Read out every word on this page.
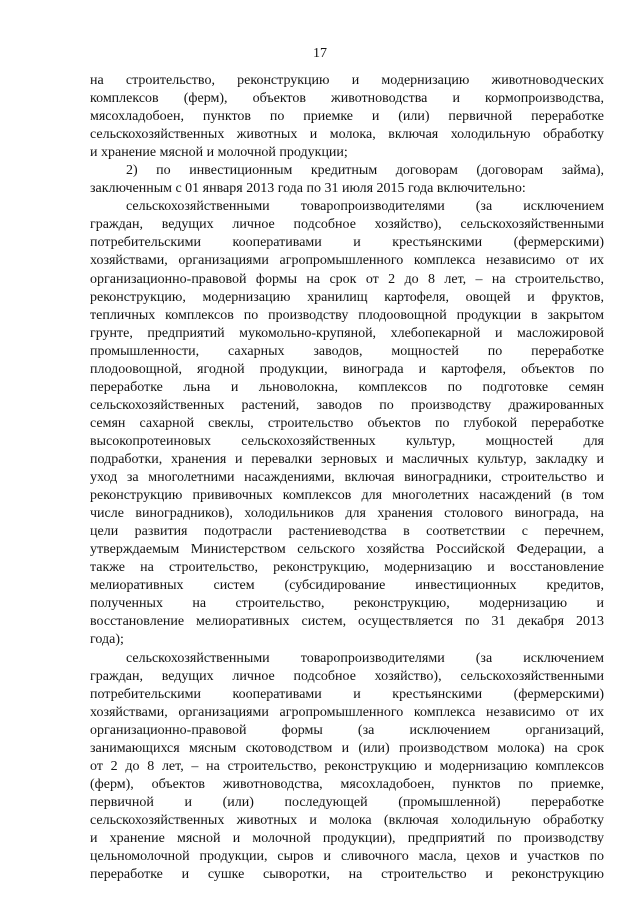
17
на строительство, реконструкцию и модернизацию животноводческих
комплексов (ферм), объектов животноводства и кормопроизводства,
мясохладобоен, пунктов по приемке и (или) первичной переработке
сельскохозяйственных животных и молока, включая холодильную обработку
и хранение мясной и молочной продукции;
2) по инвестиционным кредитным договорам (договорам займа),
заключенным с 01 января 2013 года по 31 июля 2015 года включительно:
сельскохозяйственными товаропроизводителями (за исключением
граждан, ведущих личное подсобное хозяйство), сельскохозяйственными
потребительскими кооперативами и крестьянскими (фермерскими)
хозяйствами, организациями агропромышленного комплекса независимо от их
организационно-правовой формы на срок от 2 до 8 лет, – на строительство,
реконструкцию, модернизацию хранилищ картофеля, овощей и фруктов,
тепличных комплексов по производству плодоовощной продукции в закрытом
грунте, предприятий мукомольно-крупяной, хлебопекарной и масложировой
промышленности, сахарных заводов, мощностей по переработке
плодоовощной, ягодной продукции, винограда и картофеля, объектов по
переработке льна и льноволокна, комплексов по подготовке семян
сельскохозяйственных растений, заводов по производству дражированных
семян сахарной свеклы, строительство объектов по глубокой переработке
высокопротеиновых сельскохозяйственных культур, мощностей для
подработки, хранения и перевалки зерновых и масличных культур, закладку и
уход за многолетними насаждениями, включая виноградники, строительство и
реконструкцию прививочных комплексов для многолетних насаждений (в том
числе виноградников), холодильников для хранения столового винограда, на
цели развития подотрасли растениеводства в соответствии с перечнем,
утверждаемым Министерством сельского хозяйства Российской Федерации, а
также на строительство, реконструкцию, модернизацию и восстановление
мелиоративных систем (субсидирование инвестиционных кредитов,
полученных на строительство, реконструкцию, модернизацию и
восстановление мелиоративных систем, осуществляется по 31 декабря 2013
года);
сельскохозяйственными товаропроизводителями (за исключением
граждан, ведущих личное подсобное хозяйство), сельскохозяйственными
потребительскими кооперативами и крестьянскими (фермерскими)
хозяйствами, организациями агропромышленного комплекса независимо от их
организационно-правовой формы (за исключением организаций,
занимающихся мясным скотоводством и (или) производством молока) на срок
от 2 до 8 лет, – на строительство, реконструкцию и модернизацию комплексов
(ферм), объектов животноводства, мясохладобоен, пунктов по приемке,
первичной и (или) последующей (промышленной) переработке
сельскохозяйственных животных и молока (включая холодильную обработку
и хранение мясной и молочной продукции), предприятий по производству
цельномолочной продукции, сыров и сливочного масла, цехов и участков по
переработке и сушке сыворотки, на строительство и реконструкцию
